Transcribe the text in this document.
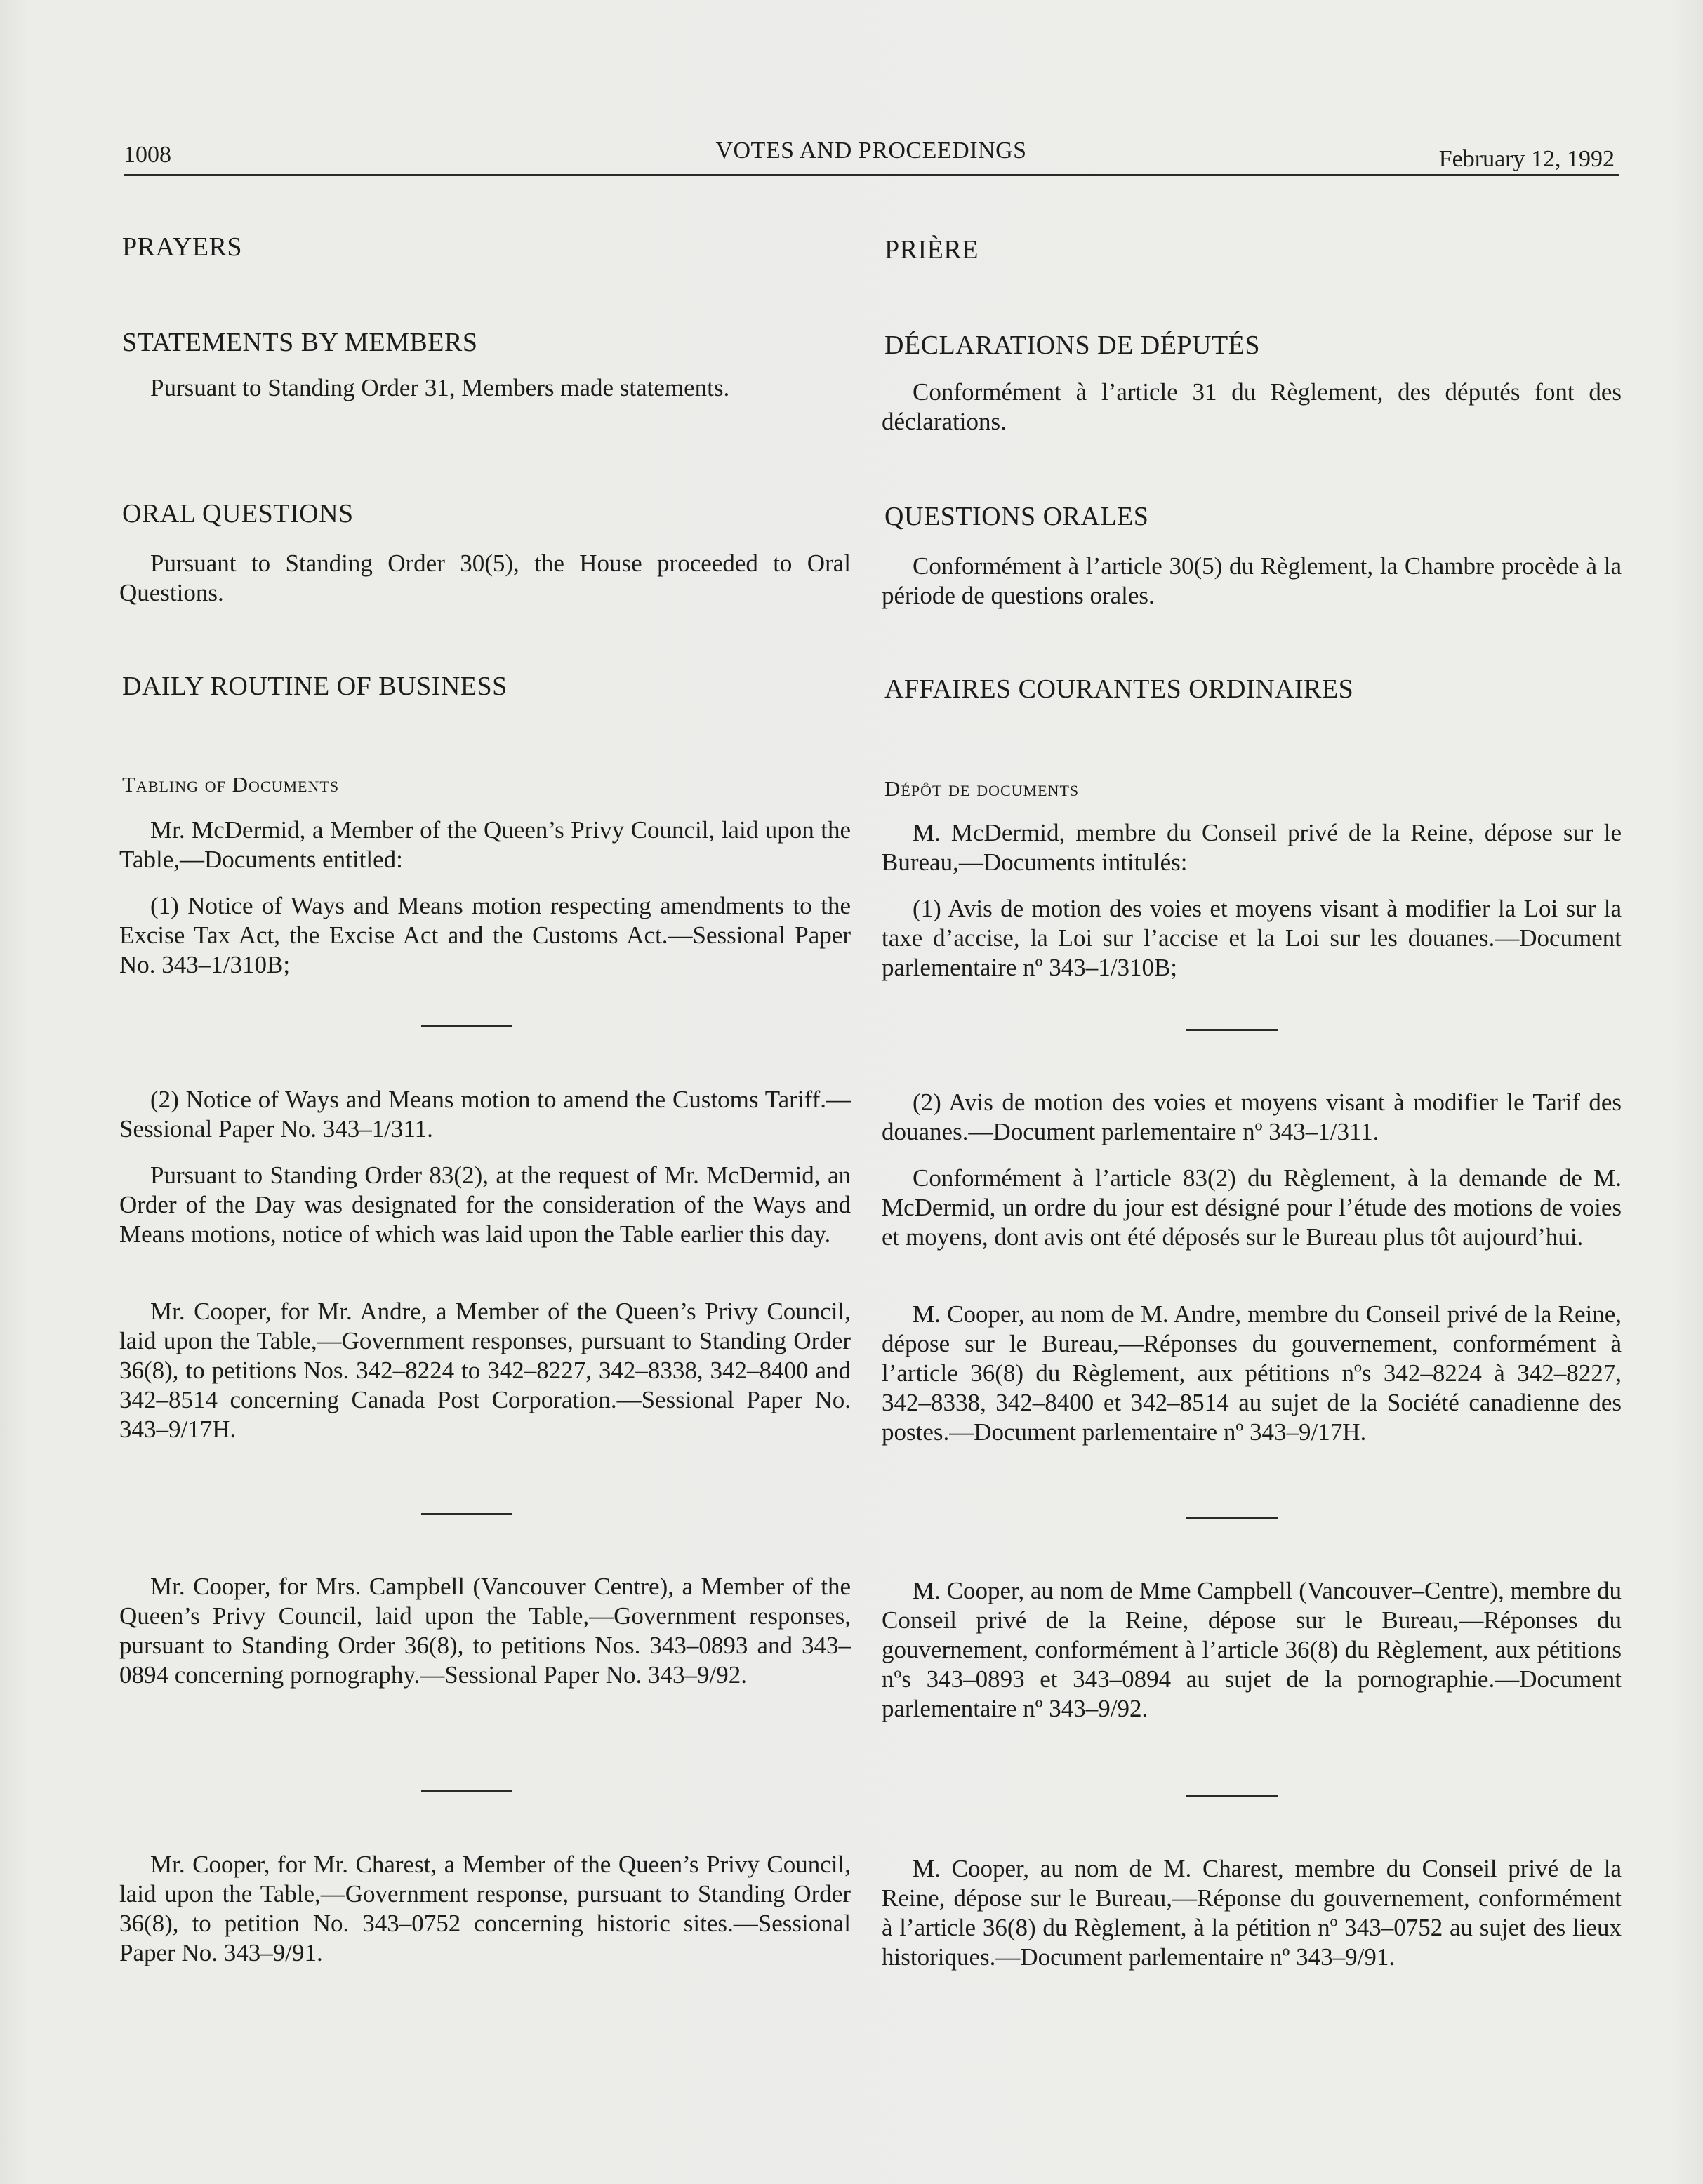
1008	VOTES AND PROCEEDINGS	February 12, 1992
PRAYERS
STATEMENTS BY MEMBERS

Pursuant to Standing Order 31, Members made statements.

ORAL QUESTIONS

Pursuant to Standing Order 30(5), the House proceeded to Oral Questions.

DAILY ROUTINE OF BUSINESS
Tabling of Documents

Mr. McDermid, a Member of the Queen’s Privy Council, laid upon the Table,—Documents entitled:

(1) Notice of Ways and Means motion respecting amendments to the Excise Tax Act, the Excise Act and the Customs Act.—Sessional Paper No. 343–1/310B;

(2) Notice of Ways and Means motion to amend the Customs Tariff.—Sessional Paper No. 343–1/311.

Pursuant to Standing Order 83(2), at the request of Mr. McDermid, an Order of the Day was designated for the consideration of the Ways and Means motions, notice of which was laid upon the Table earlier this day.

Mr. Cooper, for Mr. Andre, a Member of the Queen’s Privy Council, laid upon the Table,—Government responses, pursuant to Standing Order 36(8), to petitions Nos. 342–8224 to 342–8227, 342–8338, 342–8400 and 342–8514 concerning Canada Post Corporation.—Sessional Paper No. 343–9/17H.

Mr. Cooper, for Mrs. Campbell (Vancouver Centre), a Member of the Queen’s Privy Council, laid upon the Table,—Government responses, pursuant to Standing Order 36(8), to petitions Nos. 343–0893 and 343–0894 concerning pornography.—Sessional Paper No. 343–9/92.

Mr. Cooper, for Mr. Charest, a Member of the Queen’s Privy Council, laid upon the Table,—Government response, pursuant to Standing Order 36(8), to petition No. 343–0752 concerning historic sites.—Sessional Paper No. 343–9/91.

PRIÈRE
DÉCLARATIONS DE DÉPUTÉS

Conformément à l’article 31 du Règlement, des députés font des déclarations.

QUESTIONS ORALES

Conformément à l’article 30(5) du Règlement, la Chambre procède à la période de questions orales.

AFFAIRES COURANTES ORDINAIRES
Dépôt de documents

M. McDermid, membre du Conseil privé de la Reine, dépose sur le Bureau,—Documents intitulés:

(1) Avis de motion des voies et moyens visant à modifier la Loi sur la taxe d’accise, la Loi sur l’accise et la Loi sur les douanes.—Document parlementaire nº 343–1/310B;

(2) Avis de motion des voies et moyens visant à modifier le Tarif des douanes.—Document parlementaire nº 343–1/311.

Conformément à l’article 83(2) du Règlement, à la demande de M. McDermid, un ordre du jour est désigné pour l’étude des motions de voies et moyens, dont avis ont été déposés sur le Bureau plus tôt aujourd’hui.

M. Cooper, au nom de M. Andre, membre du Conseil privé de la Reine, dépose sur le Bureau,—Réponses du gouvernement, conformément à l’article 36(8) du Règlement, aux pétitions nºs 342–8224 à 342–8227, 342–8338, 342–8400 et 342–8514 au sujet de la Société canadienne des postes.—Document parlementaire nº 343–9/17H.

M. Cooper, au nom de Mme Campbell (Vancouver–Centre), membre du Conseil privé de la Reine, dépose sur le Bureau,—Réponses du gouvernement, conformément à l’article 36(8) du Règlement, aux pétitions nºs 343–0893 et 343–0894 au sujet de la pornographie.—Document parlementaire nº 343–9/92.

M. Cooper, au nom de M. Charest, membre du Conseil privé de la Reine, dépose sur le Bureau,—Réponse du gouvernement, conformément à l’article 36(8) du Règlement, à la pétition nº 343–0752 au sujet des lieux historiques.—Document parlementaire nº 343–9/91.
